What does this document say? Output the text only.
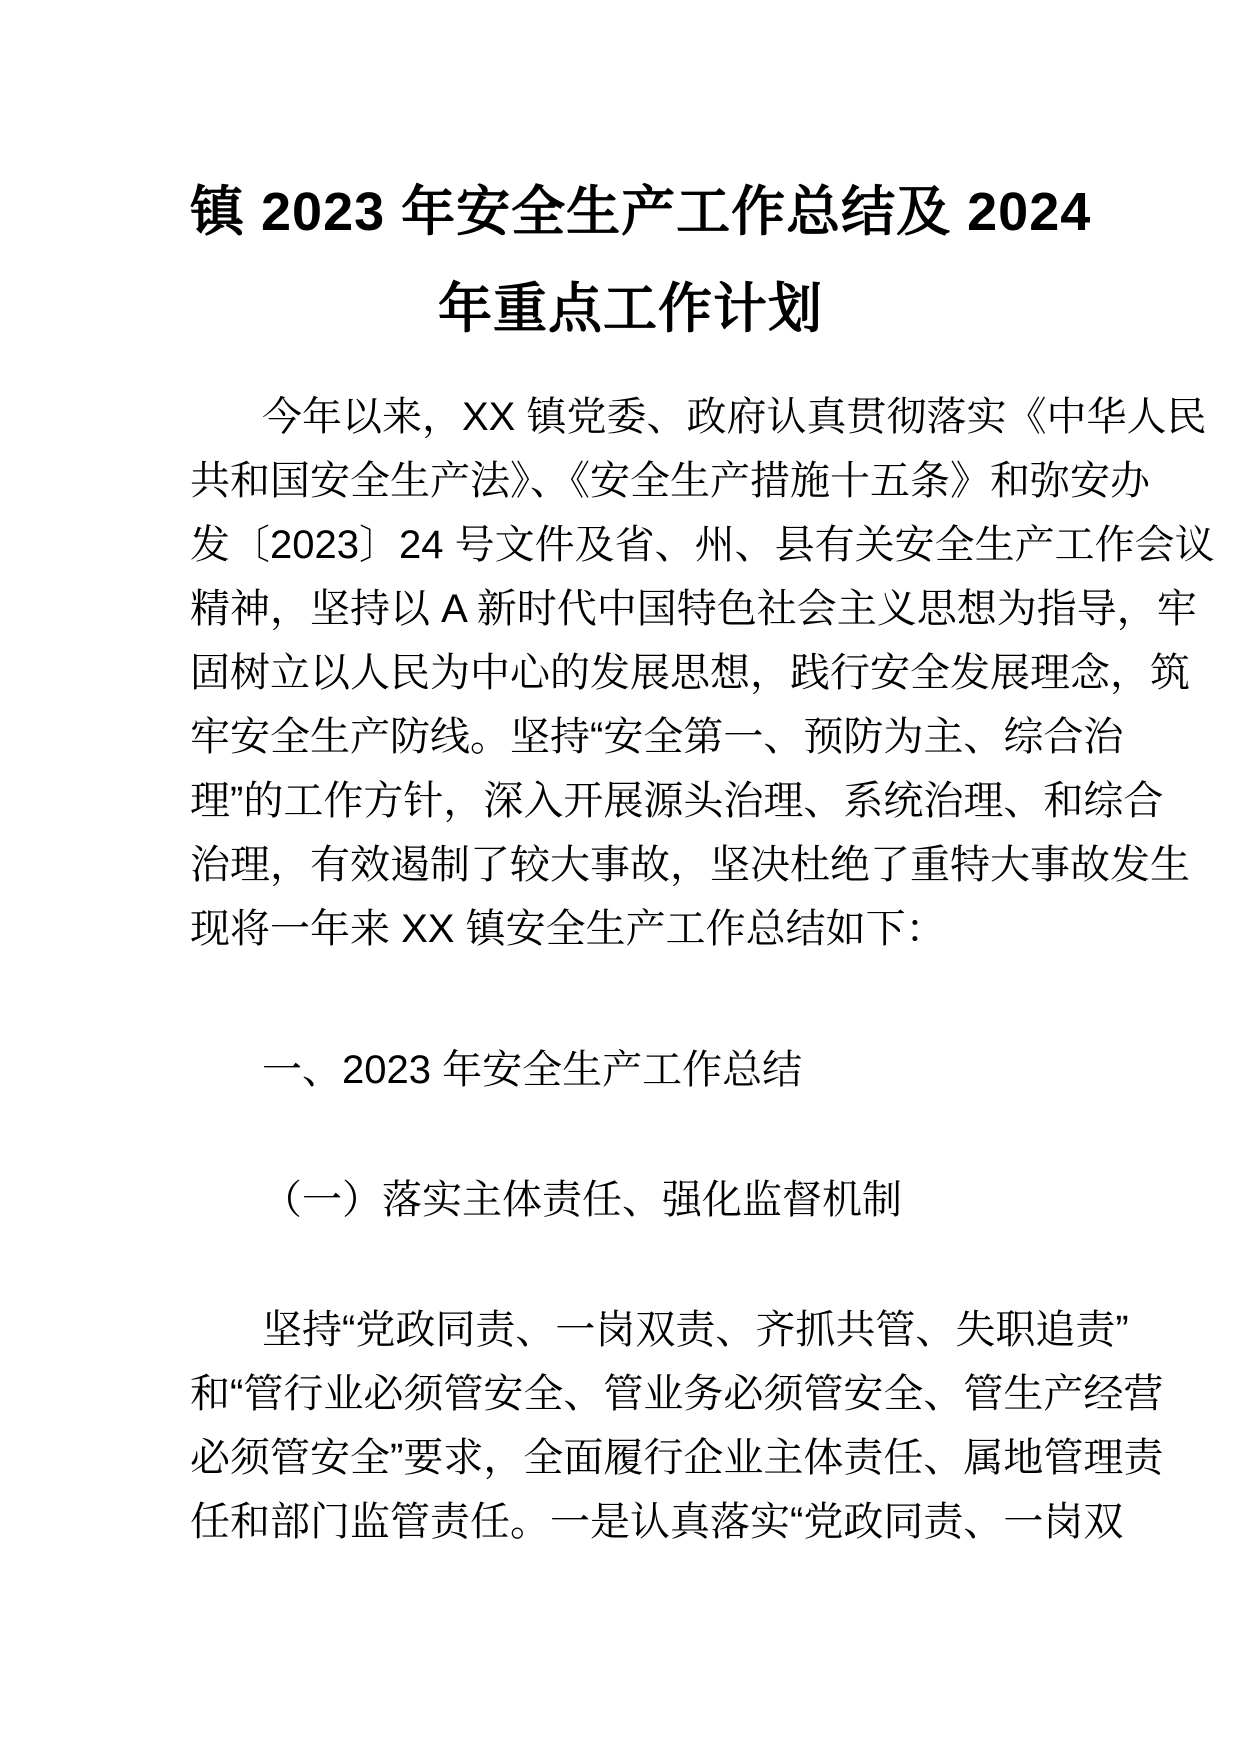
镇 2023 年安全生产工作总结及 2024
年重点工作计划
今年以来，XX 镇党委、政府认真贯彻落实《中华人民
共和国安全生产法》、《安全生产措施十五条》和弥安办
发〔2023〕24 号文件及省、州、县有关安全生产工作会议
精神，坚持以 A 新时代中国特色社会主义思想为指导，牢
固树立以人民为中心的发展思想，践行安全发展理念，筑
牢安全生产防线。坚持“安全第一、预防为主、综合治
理”的工作方针，深入开展源头治理、系统治理、和综合
治理，有效遏制了较大事故，坚决杜绝了重特大事故发生
现将一年来 XX 镇安全生产工作总结如下：
一、2023 年安全生产工作总结
（一）落实主体责任、强化监督机制
坚持“党政同责、一岗双责、齐抓共管、失职追责”
和“管行业必须管安全、管业务必须管安全、管生产经营
必须管安全”要求，全面履行企业主体责任、属地管理责
任和部门监管责任。一是认真落实“党政同责、一岗双
